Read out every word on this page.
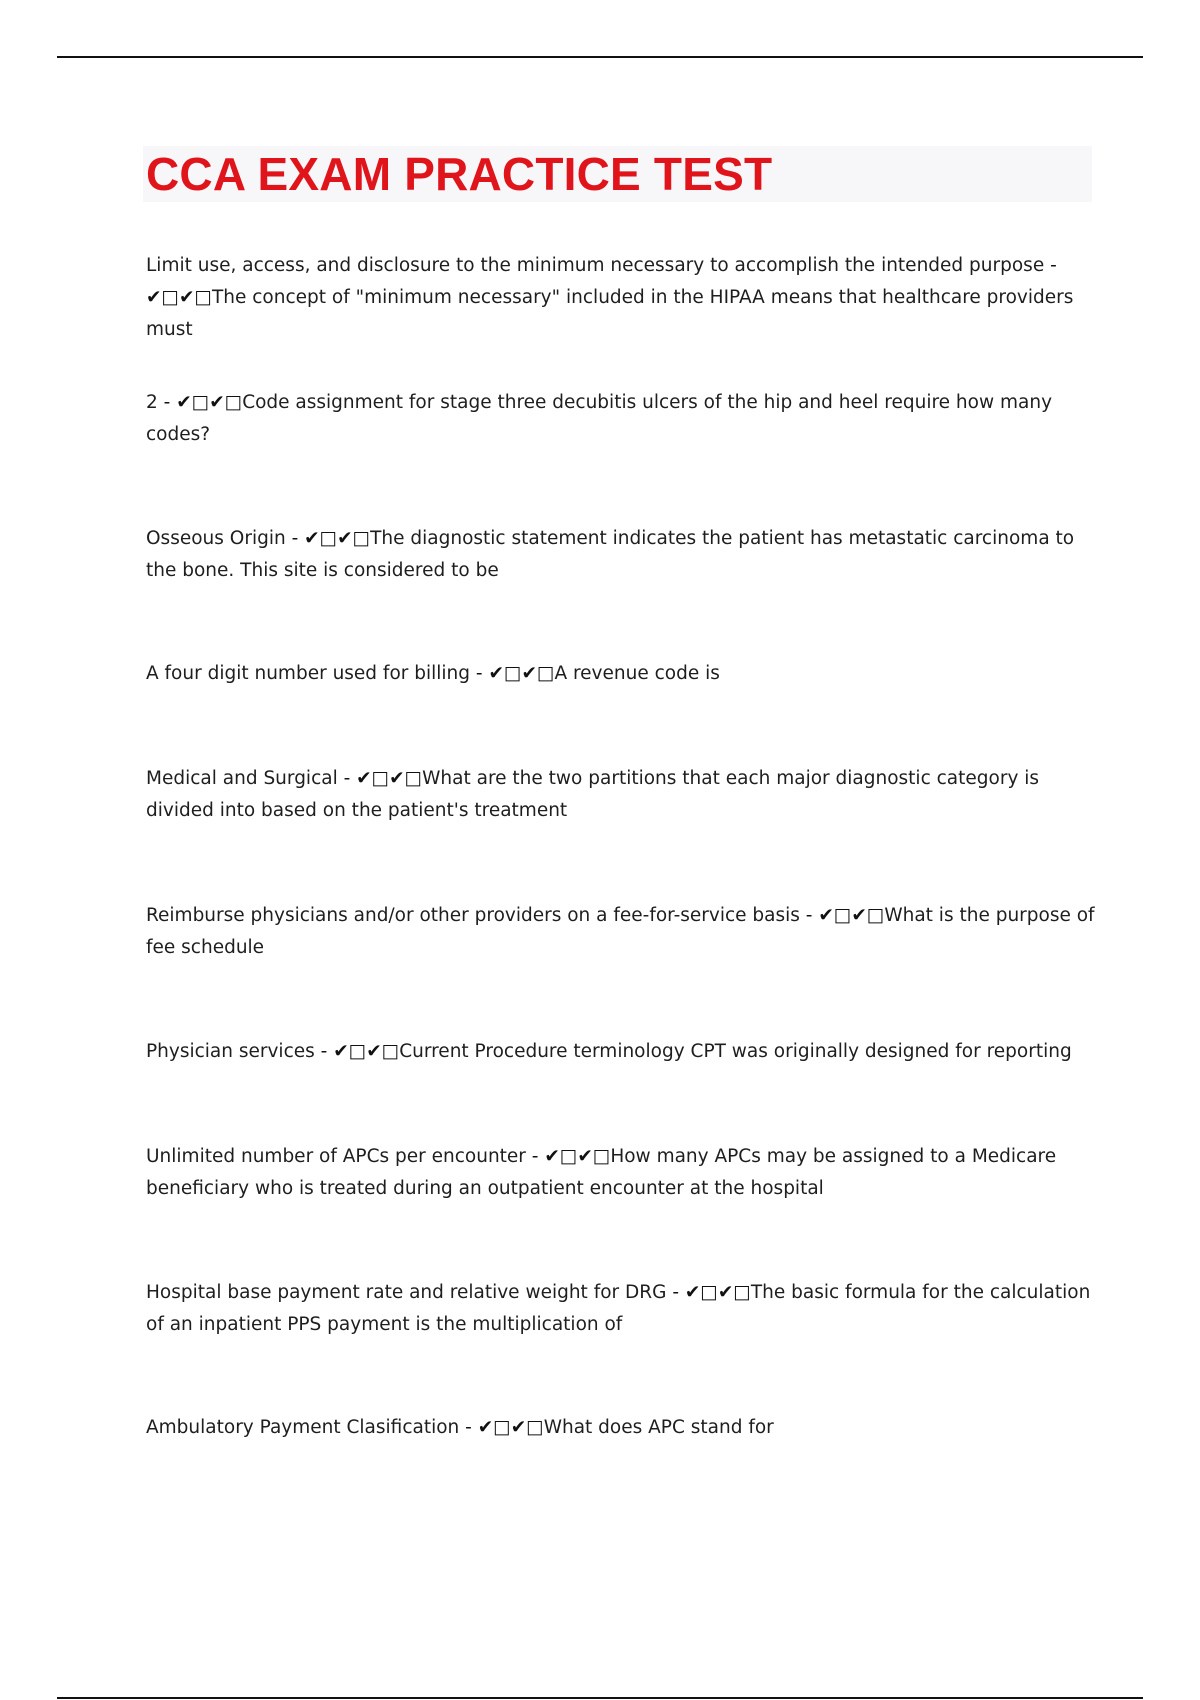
CCA EXAM PRACTICE TEST

Limit use, access, and disclosure to the minimum necessary to accomplish the intended purpose - ✔□✔□The concept of "minimum necessary" included in the HIPAA means that healthcare providers must

2 - ✔□✔□Code assignment for stage three decubitis ulcers of the hip and heel require how many codes?

Osseous Origin - ✔□✔□The diagnostic statement indicates the patient has metastatic carcinoma to the bone. This site is considered to be

A four digit number used for billing - ✔□✔□A revenue code is

Medical and Surgical - ✔□✔□What are the two partitions that each major diagnostic category is divided into based on the patient's treatment

Reimburse physicians and/or other providers on a fee-for-service basis - ✔□✔□What is the purpose of fee schedule

Physician services - ✔□✔□Current Procedure terminology CPT was originally designed for reporting

Unlimited number of APCs per encounter - ✔□✔□How many APCs may be assigned to a Medicare beneficiary who is treated during an outpatient encounter at the hospital

Hospital base payment rate and relative weight for DRG - ✔□✔□The basic formula for the calculation of an inpatient PPS payment is the multiplication of

Ambulatory Payment Clasification - ✔□✔□What does APC stand for
